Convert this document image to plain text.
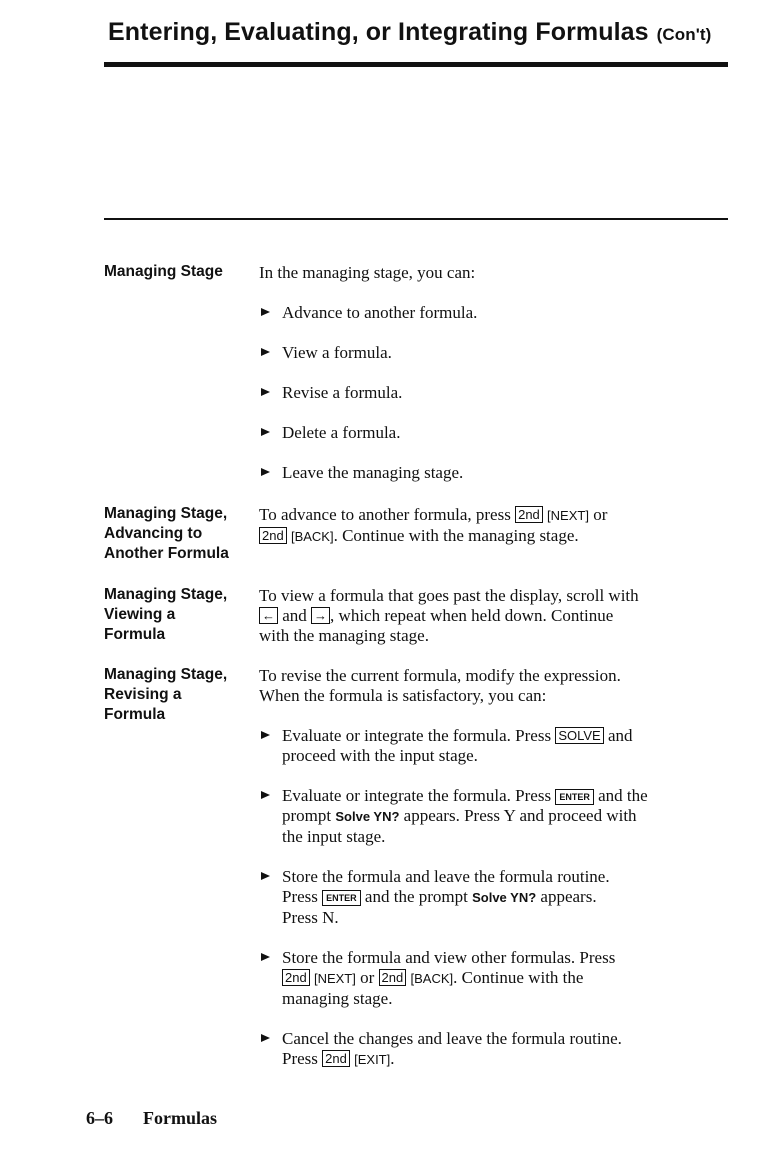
Entering, Evaluating, or Integrating Formulas (Con't)
Managing Stage	In the managing stage, you can:

Advance to another formula.

View a formula.

Revise a formula.

Delete a formula.

Leave the managing stage.

Managing Stage,
Advancing to
Another Formula

To advance to another formula, press 2nd [NEXT] or

2nd [BACK]. Continue with the managing stage.

Managing Stage,
Viewing a
Formula

To view a formula that goes past the display, scroll with

← and → , which repeat when held down. Continue

with the managing stage.

Managing Stage,
Revising a
Formula

To revise the current formula, modify the expression.

When the formula is satisfactory, you can:

Evaluate or integrate the formula. Press SOLVE and

proceed with the input stage.

Evaluate or integrate the formula. Press ENTER and the

prompt Solve YN? appears. Press Y and proceed with

the input stage.

Store the formula and leave the formula routine.

Press ENTER and the prompt Solve YN? appears.

Press N.

Store the formula and view other formulas. Press

2nd [NEXT] or 2nd [BACK]. Continue with the

managing stage.

Cancel the changes and leave the formula routine.

Press 2nd [EXIT].

6–6 Formulas
